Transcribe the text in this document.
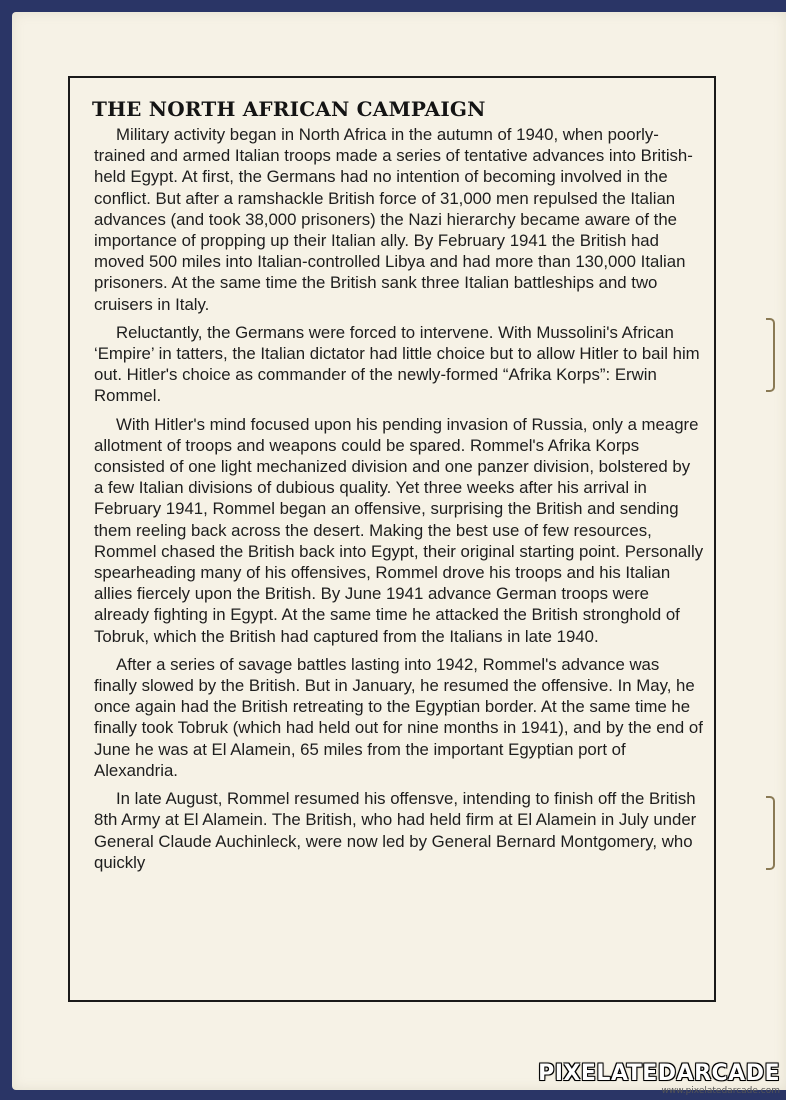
THE NORTH AFRICAN CAMPAIGN

Military activity began in North Africa in the autumn of 1940, when poorly-trained and armed Italian troops made a series of tentative advances into British-held Egypt. At first, the Germans had no intention of becoming involved in the conflict. But after a ramshackle British force of 31,000 men repulsed the Italian advances (and took 38,000 prisoners) the Nazi hierarchy became aware of the importance of propping up their Italian ally. By February 1941 the British had moved 500 miles into Italian-controlled Libya and had more than 130,000 Italian prisoners. At the same time the British sank three Italian battleships and two cruisers in Italy.

Reluctantly, the Germans were forced to intervene. With Mussolini's African ‘Empire’ in tatters, the Italian dictator had little choice but to allow Hitler to bail him out. Hitler's choice as commander of the newly-formed “Afrika Korps”: Erwin Rommel.

With Hitler's mind focused upon his pending invasion of Russia, only a meagre allotment of troops and weapons could be spared. Rommel's Afrika Korps consisted of one light mechanized division and one panzer division, bolstered by a few Italian divisions of dubious quality. Yet three weeks after his arrival in February 1941, Rommel began an offensive, surprising the British and sending them reeling back across the desert. Making the best use of few resources, Rommel chased the British back into Egypt, their original starting point. Personally spearheading many of his offensives, Rommel drove his troops and his Italian allies fiercely upon the British. By June 1941 advance German troops were already fighting in Egypt. At the same time he attacked the British stronghold of Tobruk, which the British had captured from the Italians in late 1940.

After a series of savage battles lasting into 1942, Rommel's advance was finally slowed by the British. But in January, he resumed the offensive. In May, he once again had the British retreating to the Egyptian border. At the same time he finally took Tobruk (which had held out for nine months in 1941), and by the end of June he was at El Alamein, 65 miles from the important Egyptian port of Alexandria.

In late August, Rommel resumed his offensve, intending to finish off the British 8th Army at El Alamein. The British, who had held firm at El Alamein in July under General Claude Auchinleck, were now led by General Bernard Montgomery, who quickly

PIXELATEDARCADE
www.pixelatedarcade.com
